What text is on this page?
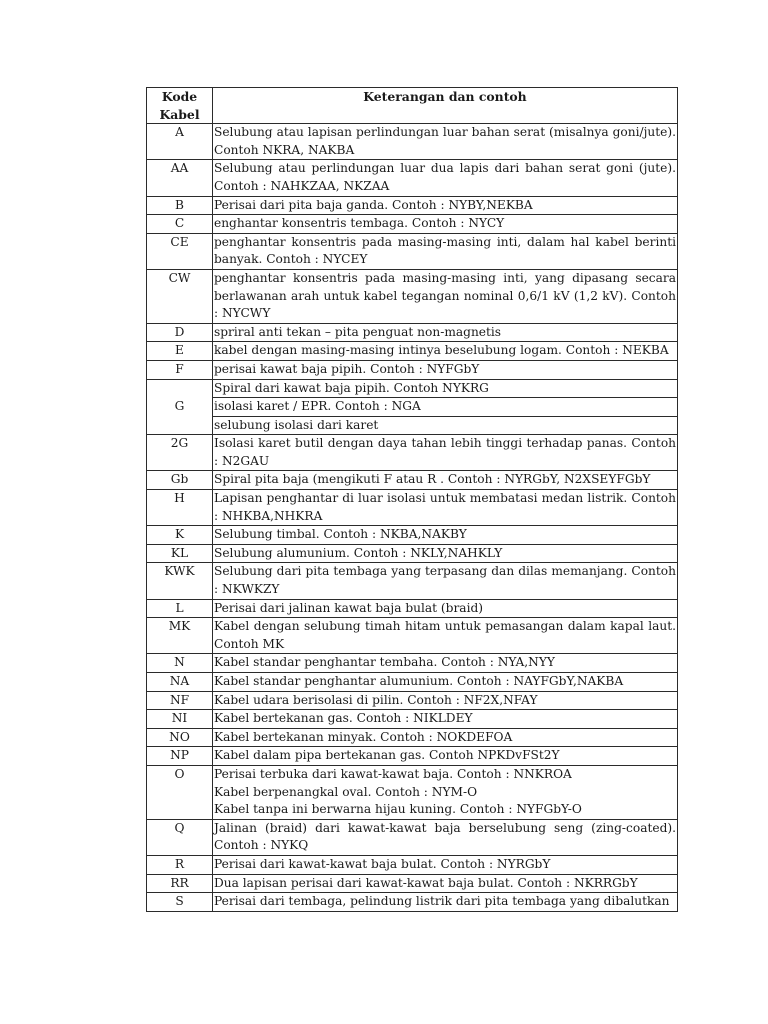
Kode Kabel	Keterangan dan contoh
A	Selubung atau lapisan perlindungan luar bahan serat (misalnya goni/jute). Contoh NKRA, NAKBA
AA	Selubung atau perlindungan luar dua lapis dari bahan serat goni (jute). Contoh : NAHKZAA, NKZAA
B	Perisai dari pita baja ganda. Contoh : NYBY,NEKBA
C	enghantar konsentris tembaga. Contoh : NYCY
CE	penghantar konsentris pada masing-masing inti, dalam hal kabel berinti banyak. Contoh : NYCEY
CW	penghantar konsentris pada masing-masing inti, yang dipasang secara berlawanan arah untuk kabel tegangan nominal 0,6/1 kV (1,2 kV). Contoh : NYCWY
D	spriral anti tekan – pita penguat non-magnetis
E	kabel dengan masing-masing intinya beselubung logam. Contoh : NEKBA
F	perisai kawat baja pipih. Contoh : NYFGbY
G	Spiral dari kawat baja pipih. Contoh NYKRG
	isolasi karet / EPR. Contoh : NGA
	selubung isolasi dari karet
2G	Isolasi karet butil dengan daya tahan lebih tinggi terhadap panas. Contoh : N2GAU
Gb	Spiral pita baja (mengikuti F atau R . Contoh : NYRGbY, N2XSEYFGbY
H	Lapisan penghantar di luar isolasi untuk membatasi medan listrik. Contoh : NHKBA,NHKRA
K	Selubung timbal. Contoh : NKBA,NAKBY
KL	Selubung alumunium. Contoh : NKLY,NAHKLY
KWK	Selubung dari pita tembaga yang terpasang dan dilas memanjang. Contoh : NKWKZY
L	Perisai dari jalinan kawat baja bulat (braid)
MK	Kabel dengan selubung timah hitam untuk pemasangan dalam kapal laut. Contoh MK
N	Kabel standar penghantar tembaha. Contoh : NYA,NYY
NA	Kabel standar penghantar alumunium. Contoh : NAYFGbY,NAKBA
NF	Kabel udara berisolasi di pilin. Contoh : NF2X,NFAY
NI	Kabel bertekanan gas. Contoh : NIKLDEY
NO	Kabel bertekanan minyak. Contoh : NOKDEFOA
NP	Kabel dalam pipa bertekanan gas. Contoh NPKDvFSt2Y
O	Perisai terbuka dari kawat-kawat baja. Contoh : NNKROA
Kabel berpenangkal oval. Contoh : NYM-O
Kabel tanpa ini berwarna hijau kuning. Contoh : NYFGbY-O

Q	Jalinan (braid) dari kawat-kawat baja berselubung seng (zing-coated). Contoh : NYKQ
R	Perisai dari kawat-kawat baja bulat. Contoh : NYRGbY
RR	Dua lapisan perisai dari kawat-kawat baja bulat. Contoh : NKRRGbY
S	Perisai dari tembaga, pelindung listrik dari pita tembaga yang dibalutkan
